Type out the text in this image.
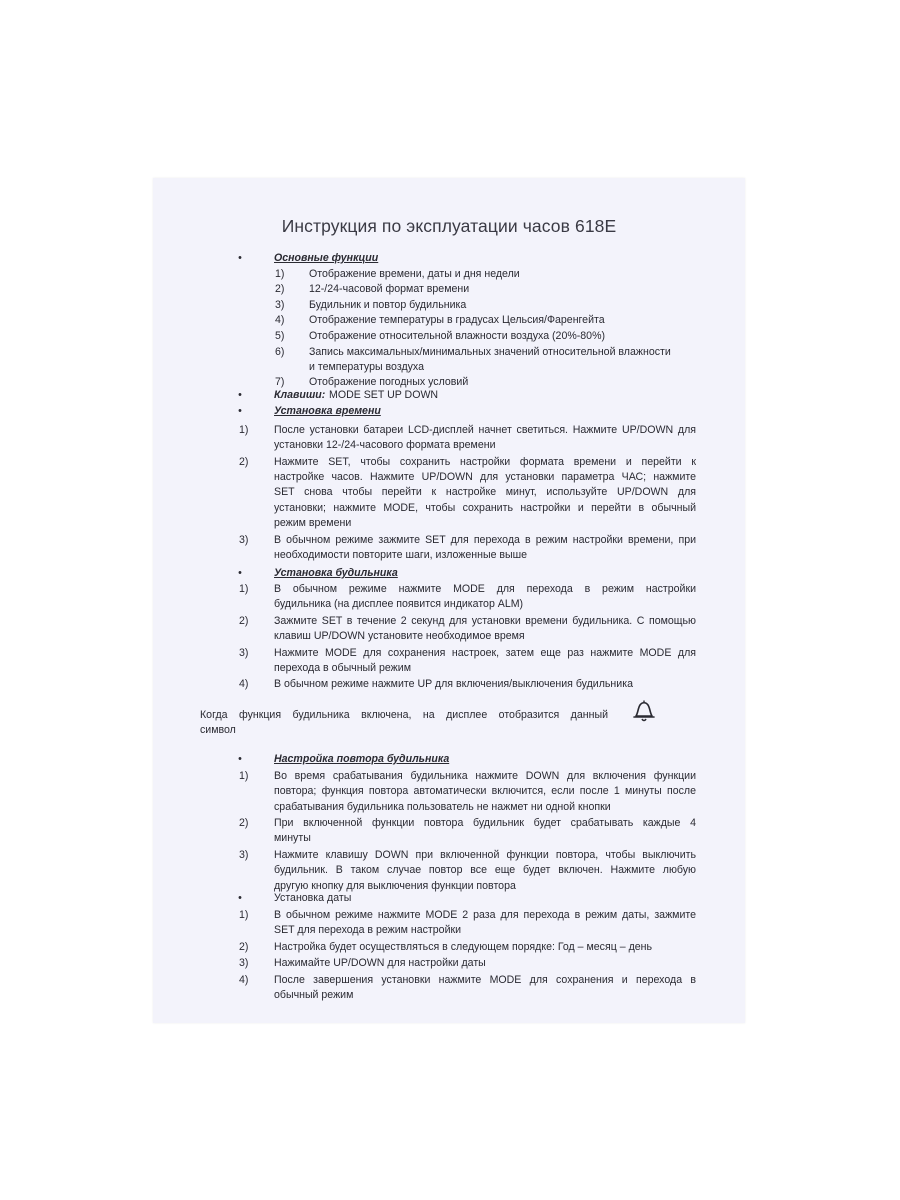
Инструкция по эксплуатации часов 618E
•	Основные функции
1)	Отображение времени, даты и дня недели
2)	12-/24-часовой формат времени
3)	Будильник и повтор будильника
4)	Отображение температуры в градусах Цельсия/Фаренгейта
5)	Отображение относительной влажности воздуха (20%-80%)
6)	Запись максимальных/минимальных значений относительной влажности
и температуры воздуха
7)	Отображение погодных условий
•	Клавиши: MODE SET UP DOWN
•	Установка времени
1)	После установки батареи LCD-дисплей начнет светиться. Нажмите UP/DOWN для
установки 12-/24-часового формата времени
2)	Нажмите SET, чтобы сохранить настройки формата времени и перейти к
настройке часов. Нажмите UP/DOWN для установки параметра ЧАС; нажмите
SET снова чтобы перейти к настройке минут, используйте UP/DOWN для
установки; нажмите MODE, чтобы сохранить настройки и перейти в обычный
режим времени
3)	В обычном режиме зажмите SET для перехода в режим настройки времени, при
необходимости повторите шаги, изложенные выше
•	Установка будильника
1)	В обычном режиме нажмите MODE для перехода в режим настройки
будильника (на дисплее появится индикатор ALM)
2)	Зажмите SET в течение 2 секунд для установки времени будильника. С помощью
клавиш UP/DOWN установите необходимое время
3)	Нажмите MODE для сохранения настроек, затем еще раз нажмите MODE для
перехода в обычный режим
4)	В обычном режиме нажмите UP для включения/выключения будильника
Когда функция будильника включена, на дисплее отобразится данный
символ
•	Настройка повтора будильника
1)	Во время срабатывания будильника нажмите DOWN для включения функции
повтора; функция повтора автоматически включится, если после 1 минуты после
срабатывания будильника пользователь не нажмет ни одной кнопки
2)	При включенной функции повтора будильник будет срабатывать каждые 4
минуты
3)	Нажмите клавишу DOWN при включенной функции повтора, чтобы выключить
будильник. В таком случае повтор все еще будет включен. Нажмите любую
другую кнопку для выключения функции повтора
•	Установка даты
1)	В обычном режиме нажмите MODE 2 раза для перехода в режим даты, зажмите
SET для перехода в режим настройки
2)	Настройка будет осуществляться в следующем порядке: Год – месяц – день
3)	Нажимайте UP/DOWN для настройки даты
4)	После завершения установки нажмите MODE для сохранения и перехода в
обычный режим
